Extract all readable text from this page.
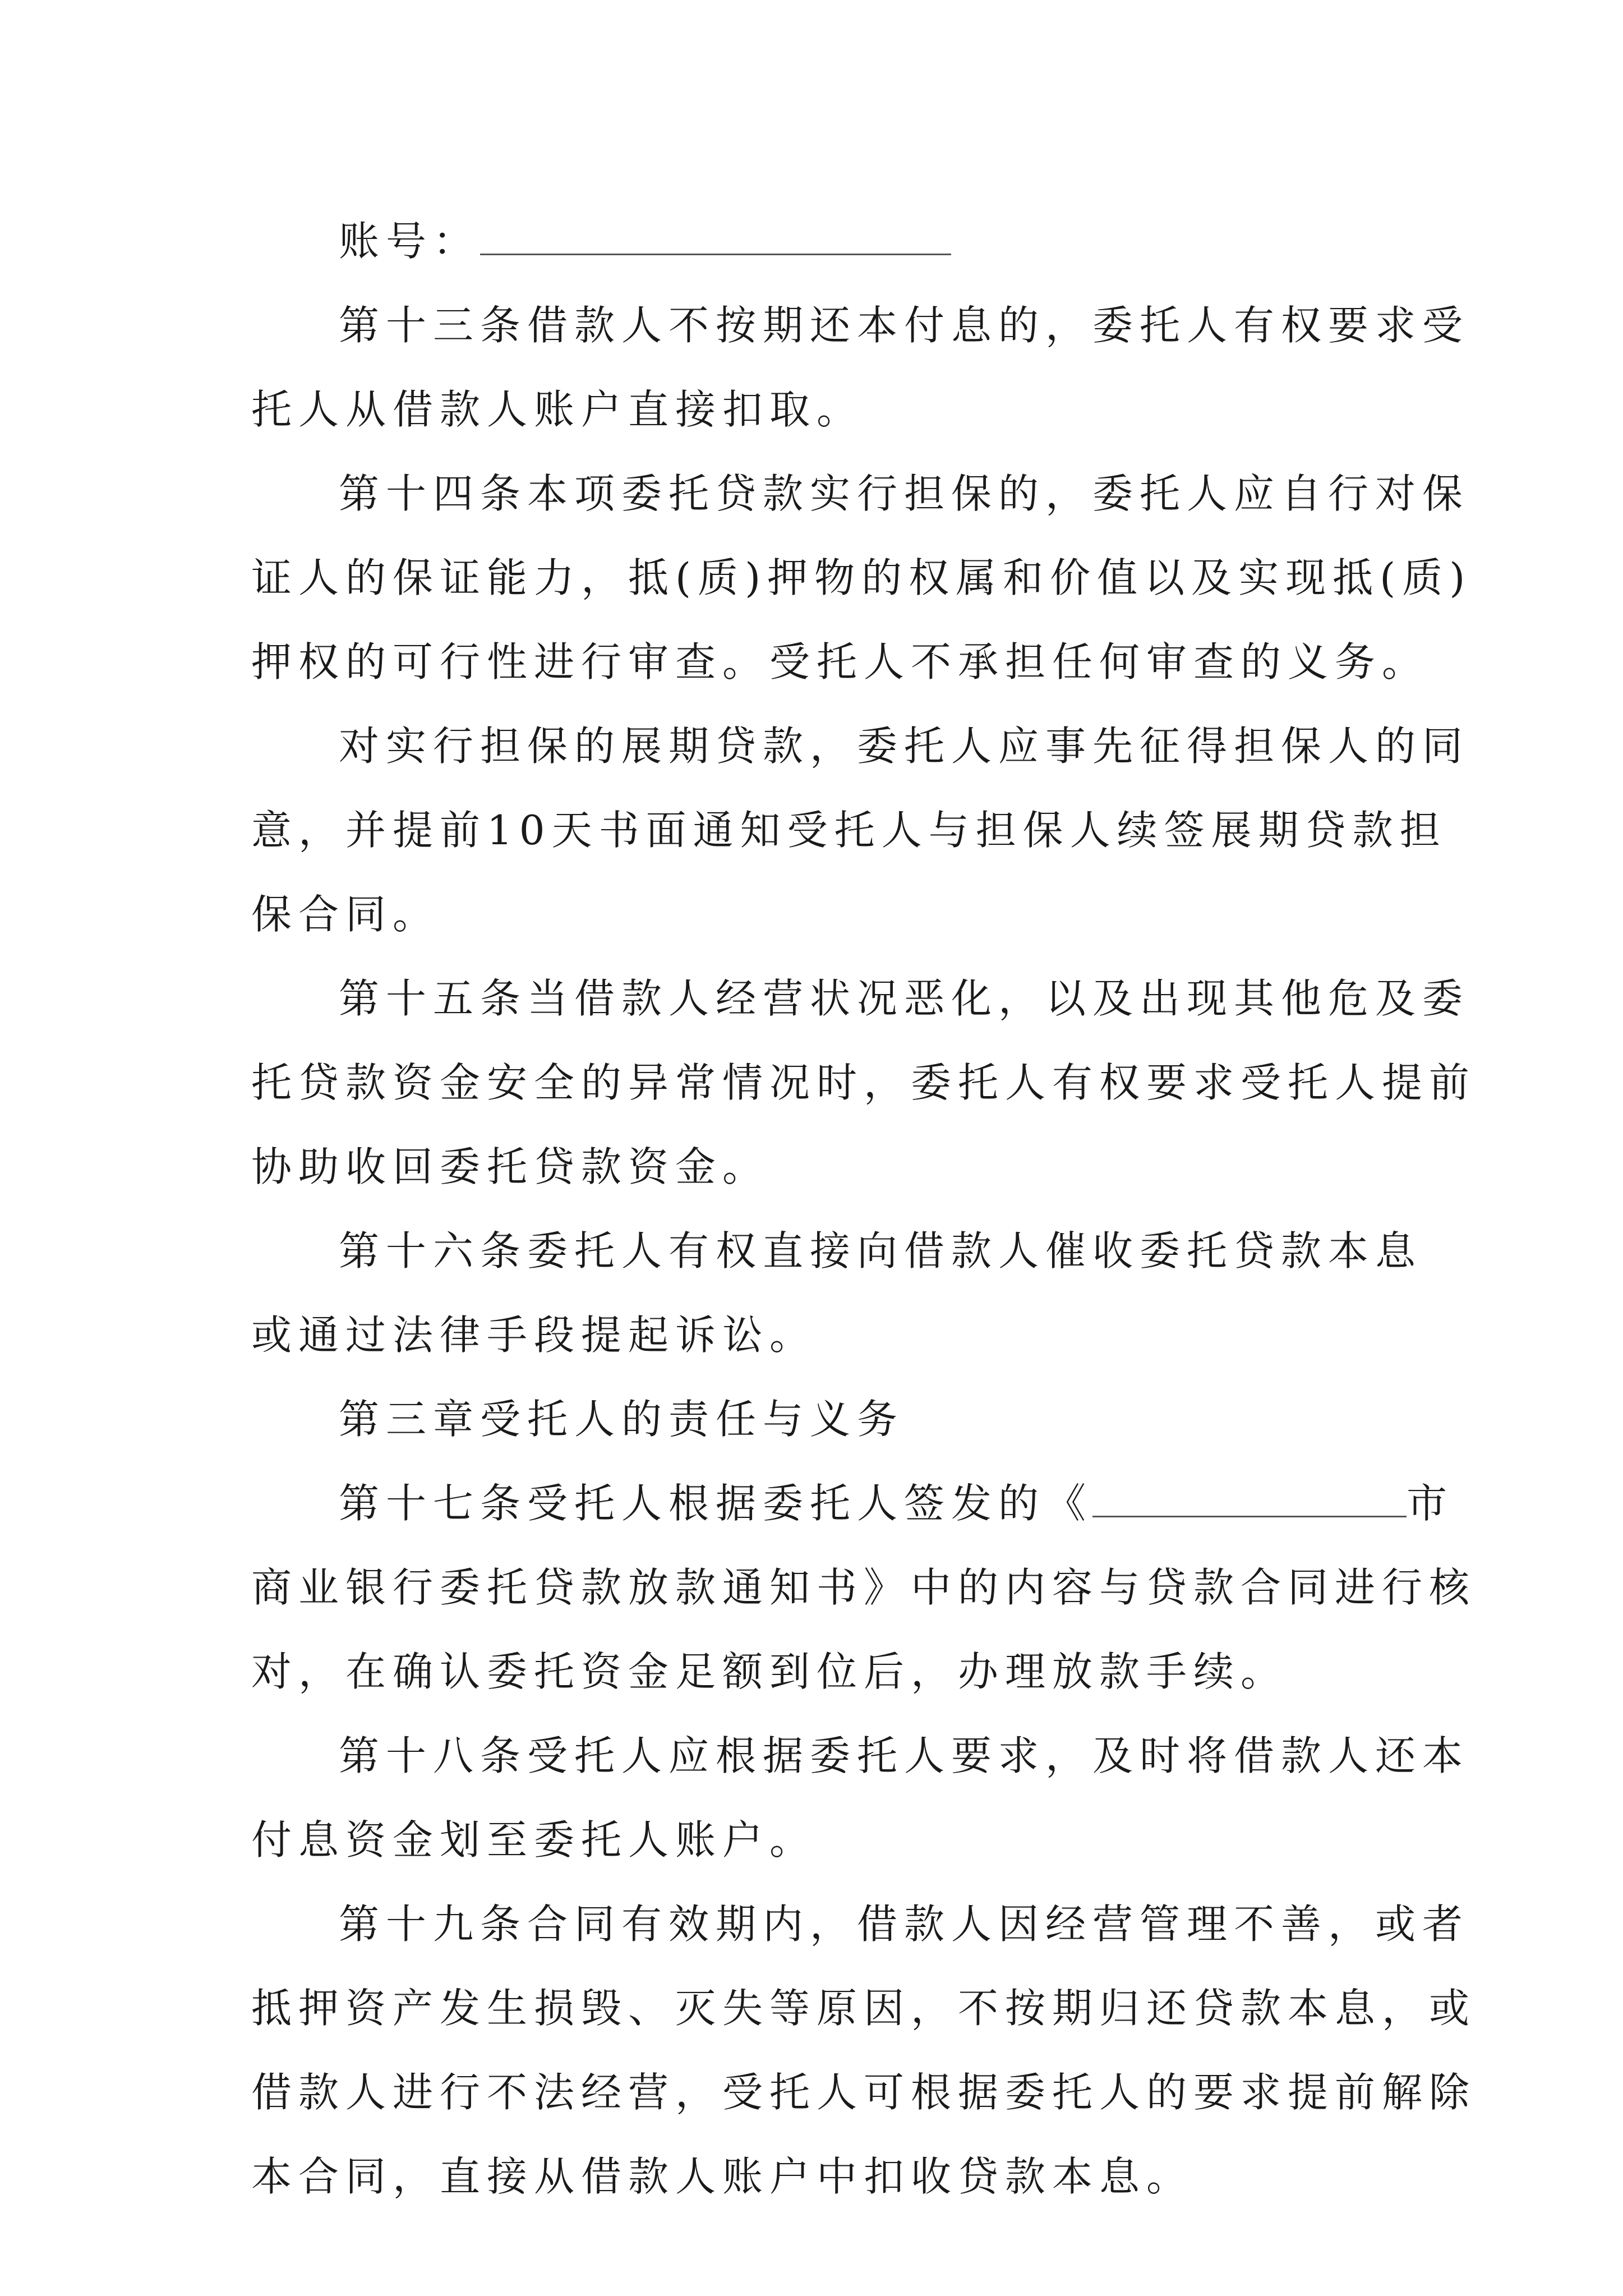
账号：
第十三条借款人不按期还本付息的，委托人有权要求受
托人从借款人账户直接扣取。
第十四条本项委托贷款实行担保的，委托人应自行对保
证人的保证能力，抵(质)押物的权属和价值以及实现抵(质)
押权的可行性进行审查。受托人不承担任何审查的义务。
对实行担保的展期贷款，委托人应事先征得担保人的同
意，并提前10天书面通知受托人与担保人续签展期贷款担
保合同。
第十五条当借款人经营状况恶化，以及出现其他危及委
托贷款资金安全的异常情况时，委托人有权要求受托人提前
协助收回委托贷款资金。
第十六条委托人有权直接向借款人催收委托贷款本息
或通过法律手段提起诉讼。
第三章受托人的责任与义务
第十七条受托人根据委托人签发的《	市
商业银行委托贷款放款通知书》中的内容与贷款合同进行核
对，在确认委托资金足额到位后，办理放款手续。
第十八条受托人应根据委托人要求，及时将借款人还本
付息资金划至委托人账户。
第十九条合同有效期内，借款人因经营管理不善，或者
抵押资产发生损毁、灭失等原因，不按期归还贷款本息，或
借款人进行不法经营，受托人可根据委托人的要求提前解除
本合同，直接从借款人账户中扣收贷款本息。
